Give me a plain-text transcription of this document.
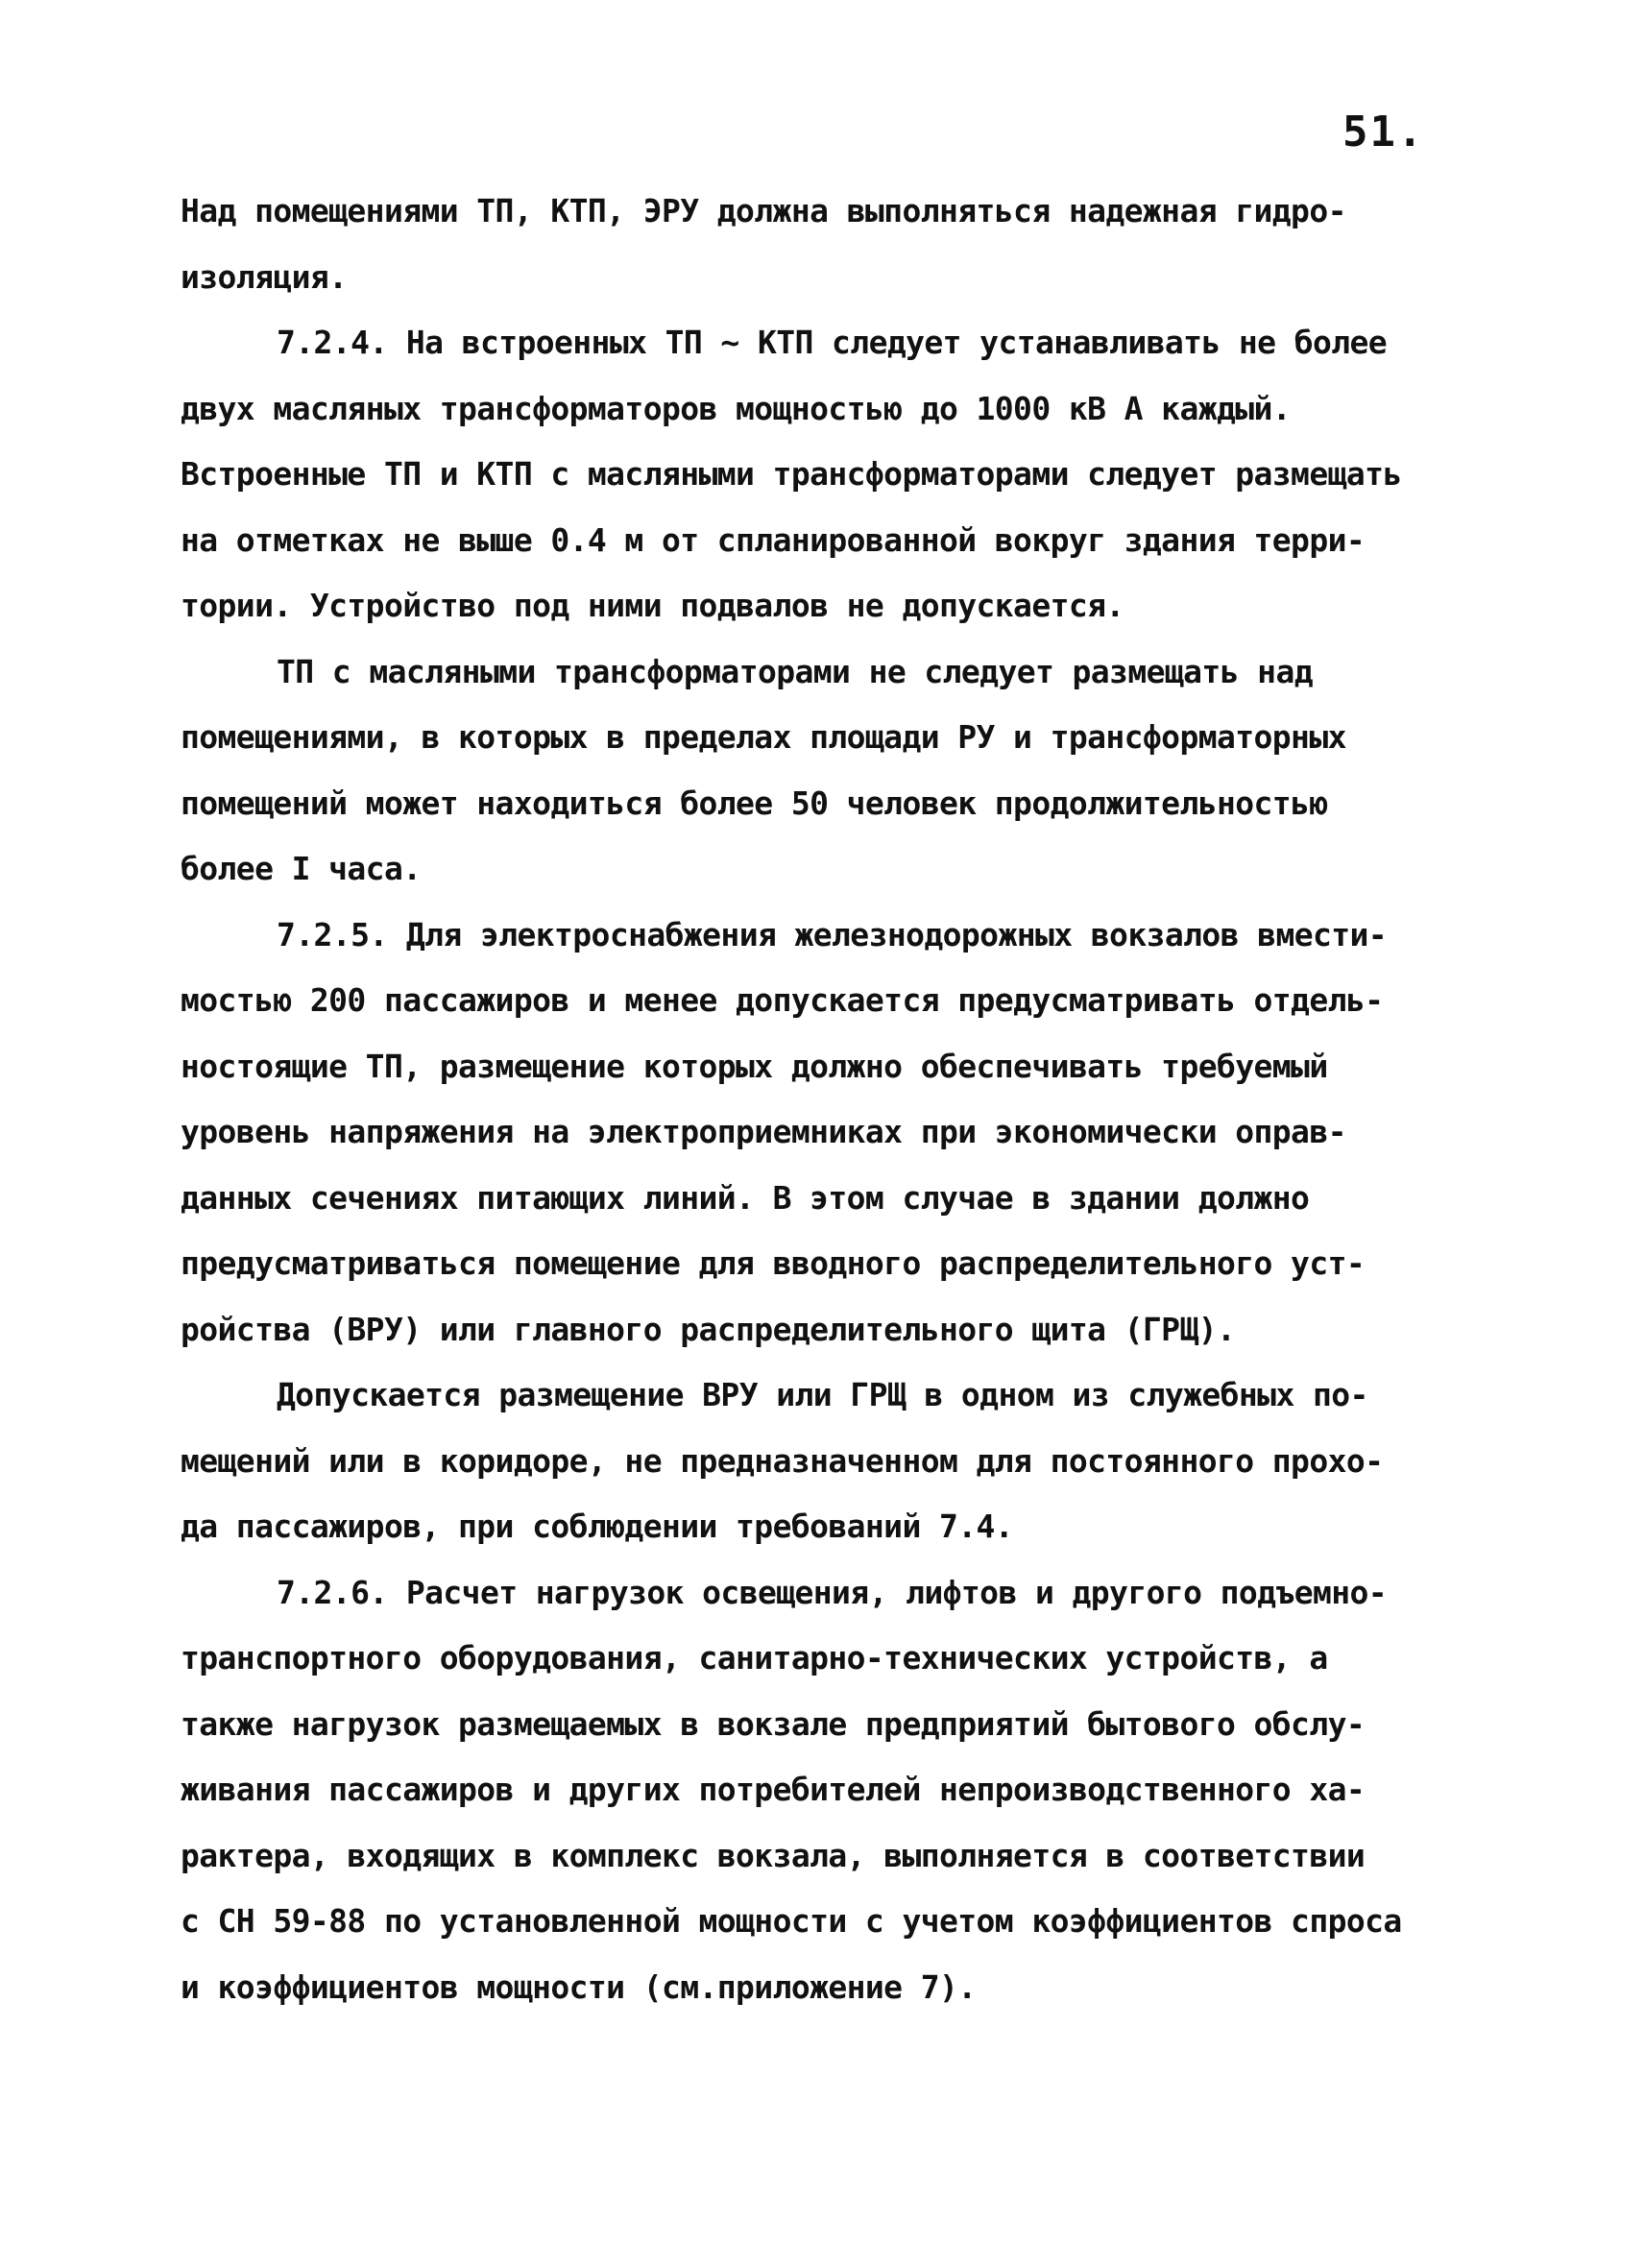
51.
Над помещениями ТП, КТП, ЭРУ должна выполняться надежная гидро-
изоляция.
7.2.4. На встроенных ТП ~ КТП следует устанавливать не более
двух масляных трансформаторов мощностью до 1000 кВ А каждый.
Встроенные ТП и КТП с масляными трансформаторами следует размещать
на отметках не выше 0.4 м от спланированной вокруг здания терри-
тории. Устройство под ними подвалов не допускается.
ТП с масляными трансформаторами не следует размещать над
помещениями, в которых в пределах площади РУ и трансформаторных
помещений может находиться более 50 человек продолжительностью
более I часа.
7.2.5. Для электроснабжения железнодорожных вокзалов вмести-
мостью 200 пассажиров и менее допускается предусматривать отдель-
ностоящие ТП, размещение которых должно обеспечивать требуемый
уровень напряжения на электроприемниках при экономически оправ-
данных сечениях питающих линий. В этом случае в здании должно
предусматриваться помещение для вводного распределительного уст-
ройства (ВРУ) или главного распределительного щита (ГРЩ).
Допускается размещение ВРУ или ГРЩ в одном из служебных по-
мещений или в коридоре, не предназначенном для постоянного прохо-
да пассажиров, при соблюдении требований 7.4.
7.2.6. Расчет нагрузок освещения, лифтов и другого подъемно-
транспортного оборудования, санитарно-технических устройств, а
также нагрузок размещаемых в вокзале предприятий бытового обслу-
живания пассажиров и других потребителей непроизводственного ха-
рактера, входящих в комплекс вокзала, выполняется в соответствии
с СН 59-88 по установленной мощности с учетом коэффициентов спроса
и коэффициентов мощности (см.приложение 7).
